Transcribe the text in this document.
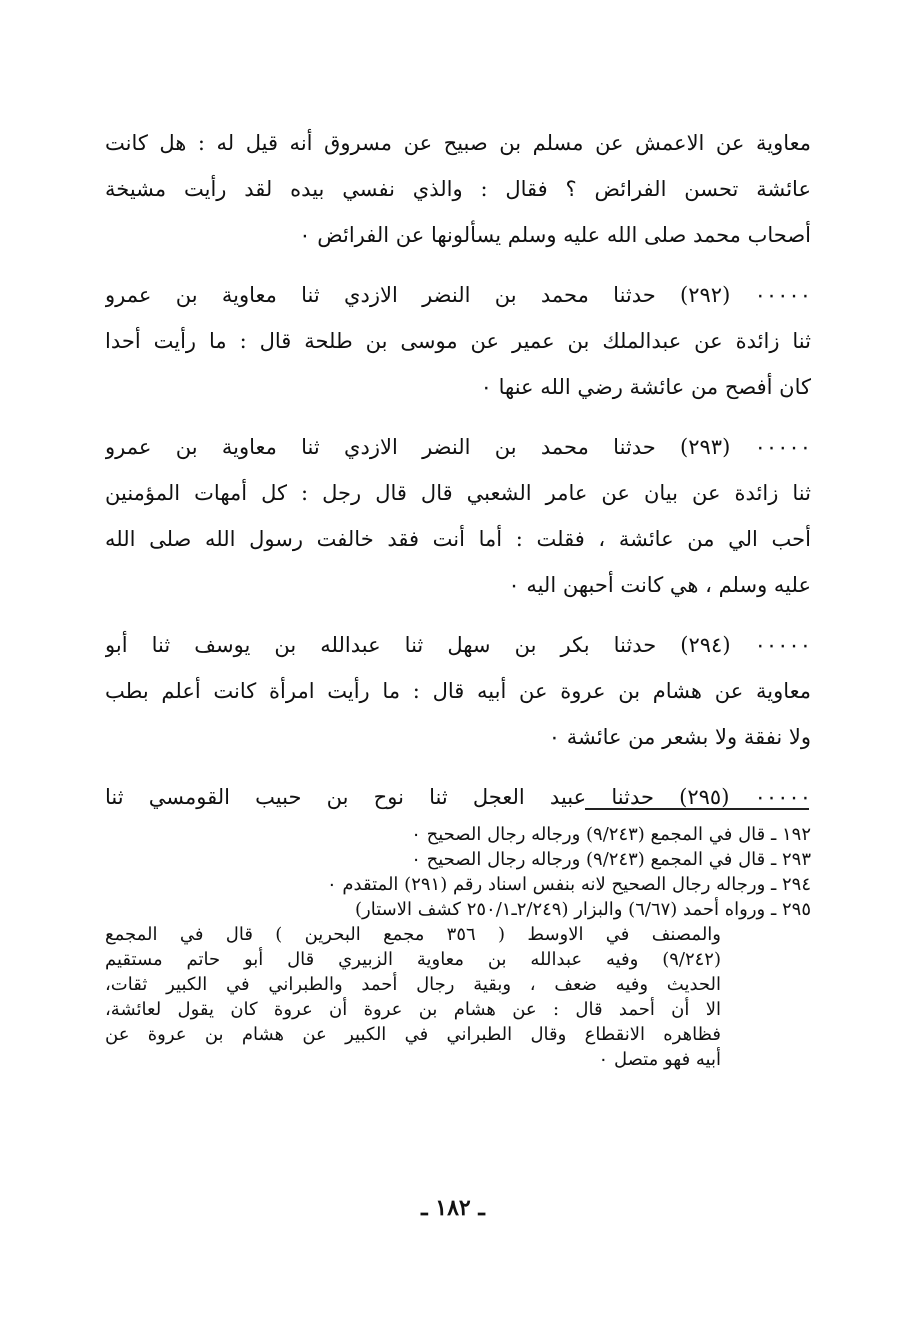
معاوية عن الاعمش عن مسلم بن صبيح عن مسروق أنه قيل له : هل كانت
عائشة تحسن الفرائض ؟ فقال : والذي نفسي بيده لقد رأيت مشيخة
أصحاب محمد صلى الله عليه وسلم يسألونها عن الفرائض ٠
٠٠٠٠٠ (٢٩٢) حدثنا محمد بن النضر الازدي ثنا معاوية بن عمرو
ثنا زائدة عن عبدالملك بن عمير عن موسى بن طلحة قال : ما رأيت أحدا
كان أفصح من عائشة رضي الله عنها ٠
٠٠٠٠٠ (٢٩٣) حدثنا محمد بن النضر الازدي ثنا معاوية بن عمرو
ثنا زائدة عن بيان عن عامر الشعبي قال قال رجل : كل أمهات المؤمنين
أحب الي من عائشة ، فقلت : أما أنت فقد خالفت رسول الله صلى الله
عليه وسلم ، هي كانت أحبهن اليه ٠
٠٠٠٠٠ (٢٩٤) حدثنا بكر بن سهل ثنا عبدالله بن يوسف ثنا أبو
معاوية عن هشام بن عروة عن أبيه قال : ما رأيت امرأة كانت أعلم بطب
ولا نفقة ولا بشعر من عائشة ٠
٠٠٠٠٠ (٢٩٥) حدثنا عبيد العجل ثنا نوح بن حبيب القومسي ثنا
١٩٢ ـ قال في المجمع (٩/٢٤٣) ورجاله رجال الصحيح ٠
٢٩٣ ـ قال في المجمع (٩/٢٤٣) ورجاله رجال الصحيح ٠
٢٩٤ ـ ورجاله رجال الصحيح لانه بنفس اسناد رقم (٢٩١) المتقدم ٠
٢٩٥ ـ ورواه أحمد (٦/٦٧) والبزار (٢/٢٤٩ـ٢٥٠/١ كشف الاستار)
والمصنف في الاوسط ( ٣٥٦ مجمع البحرين ) قال في المجمع
(٩/٢٤٢) وفيه عبدالله بن معاوية الزبيري قال أبو حاتم مستقيم
الحديث وفيه ضعف ، وبقية رجال أحمد والطبراني في الكبير ثقات،
الا أن أحمد قال : عن هشام بن عروة أن عروة كان يقول لعائشة،
فظاهره الانقطاع وقال الطبراني في الكبير عن هشام بن عروة عن
أبيه فهو متصل ٠
ـ ١٨٢ ـ
